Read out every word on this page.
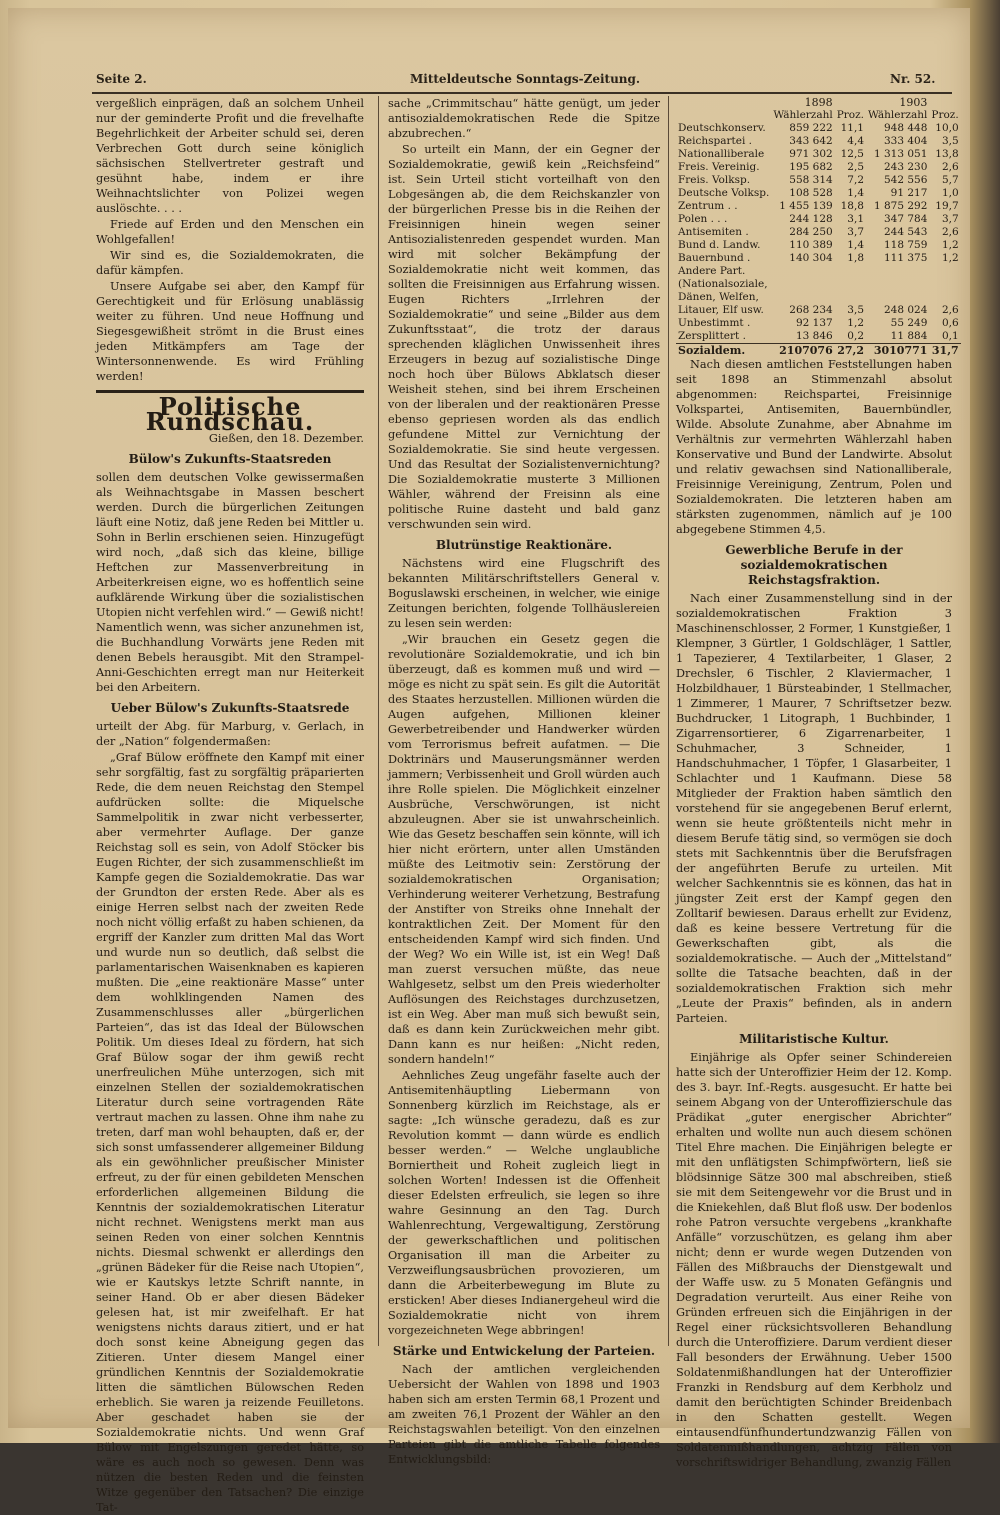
Seite 2.	Mitteldeutsche Sonntags-Zeitung.	Nr. 52.

vergeßlich einprägen, daß an solchem Unheil nur der geminderte Profit und die frevelhafte Begehrlichkeit der Arbeiter schuld sei, deren Verbrechen Gott durch seine königlich sächsischen Stellvertreter gestraft und gesühnt habe, indem er ihre Weihnachtslichter von Polizei wegen auslöschte. . . .

Friede auf Erden und den Menschen ein Wohlgefallen!

Wir sind es, die Sozialdemokraten, die dafür kämpfen.

Unsere Aufgabe sei aber, den Kampf für Gerechtigkeit und für Erlösung unablässig weiter zu führen. Und neue Hoffnung und Siegesgewißheit strömt in die Brust eines jeden Mitkämpfers am Tage der Wintersonnenwende. Es wird Frühling werden!

Politische Rundschau.
Gießen, den 18. Dezember.
Bülow's Zukunfts-Staatsreden

sollen dem deutschen Volke gewissermaßen als Weihnachtsgabe in Massen beschert werden. Durch die bürgerlichen Zeitungen läuft eine Notiz, daß jene Reden bei Mittler u. Sohn in Berlin erschienen seien. Hinzugefügt wird noch, „daß sich das kleine, billige Heftchen zur Massenverbreitung in Arbeiterkreisen eigne, wo es hoffentlich seine aufklärende Wirkung über die sozialistischen Utopien nicht verfehlen wird.“ — Gewiß nicht! Namentlich wenn, was sicher anzunehmen ist, die Buchhandlung Vorwärts jene Reden mit denen Bebels herausgibt. Mit den Strampel-Anni-Geschichten erregt man nur Heiterkeit bei den Arbeitern.

Ueber Bülow's Zukunfts-Staatsrede

urteilt der Abg. für Marburg, v. Gerlach, in der „Nation“ folgendermaßen:

„Graf Bülow eröffnete den Kampf mit einer sehr sorgfältig, fast zu sorgfältig präparierten Rede, die dem neuen Reichstag den Stempel aufdrücken sollte: die Miquelsche Sammelpolitik in zwar nicht verbesserter, aber vermehrter Auflage. Der ganze Reichstag soll es sein, von Adolf Stöcker bis Eugen Richter, der sich zusammenschließt im Kampfe gegen die Sozialdemokratie. Das war der Grundton der ersten Rede. Aber als es einige Herren selbst nach der zweiten Rede noch nicht völlig erfaßt zu haben schienen, da ergriff der Kanzler zum dritten Mal das Wort und wurde nun so deutlich, daß selbst die parlamentarischen Waisenknaben es kapieren mußten. Die „eine reaktionäre Masse“ unter dem wohlklingenden Namen des Zusammenschlusses aller „bürgerlichen Parteien“, das ist das Ideal der Bülowschen Politik. Um dieses Ideal zu fördern, hat sich Graf Bülow sogar der ihm gewiß recht unerfreulichen Mühe unterzogen, sich mit einzelnen Stellen der sozialdemokratischen Literatur durch seine vortragenden Räte vertraut machen zu lassen. Ohne ihm nahe zu treten, darf man wohl behaupten, daß er, der sich sonst umfassenderer allgemeiner Bildung als ein gewöhnlicher preußischer Minister erfreut, zu der für einen gebildeten Menschen erforderlichen allgemeinen Bildung die Kenntnis der sozialdemokratischen Literatur nicht rechnet. Wenigstens merkt man aus seinen Reden von einer solchen Kenntnis nichts. Diesmal schwenkt er allerdings den „grünen Bädeker für die Reise nach Utopien“, wie er Kautskys letzte Schrift nannte, in seiner Hand. Ob er aber diesen Bädeker gelesen hat, ist mir zweifelhaft. Er hat wenigstens nichts daraus zitiert, und er hat doch sonst keine Abneigung gegen das Zitieren. Unter diesem Mangel einer gründlichen Kenntnis der Sozialdemokratie litten die sämtlichen Bülowschen Reden erheblich. Sie waren ja reizende Feuilletons. Aber geschadet haben sie der Sozialdemokratie nichts. Und wenn Graf Bülow mit Engelszungen geredet hätte, so wäre es auch noch so gewesen. Denn was nützen die besten Reden und die feinsten Witze gegenüber den Tatsachen? Die einzige Tat-

sache „Crimmitschau“ hätte genügt, um jeder antisozialdemokratischen Rede die Spitze abzubrechen.“

So urteilt ein Mann, der ein Gegner der Sozialdemokratie, gewiß kein „Reichsfeind“ ist. Sein Urteil sticht vorteilhaft von den Lobgesängen ab, die dem Reichskanzler von der bürgerlichen Presse bis in die Reihen der Freisinnigen hinein wegen seiner Antisozialistenreden gespendet wurden. Man wird mit solcher Bekämpfung der Sozialdemokratie nicht weit kommen, das sollten die Freisinnigen aus Erfahrung wissen. Eugen Richters „Irrlehren der Sozialdemokratie“ und seine „Bilder aus dem Zukunftsstaat“, die trotz der daraus sprechenden kläglichen Unwissenheit ihres Erzeugers in bezug auf sozialistische Dinge noch hoch über Bülows Abklatsch dieser Weisheit stehen, sind bei ihrem Erscheinen von der liberalen und der reaktionären Presse ebenso gepriesen worden als das endlich gefundene Mittel zur Vernichtung der Sozialdemokratie. Sie sind heute vergessen. Und das Resultat der Sozialistenvernichtung? Die Sozialdemokratie musterte 3 Millionen Wähler, während der Freisinn als eine politische Ruine dasteht und bald ganz verschwunden sein wird.

Blutrünstige Reaktionäre.

Nächstens wird eine Flugschrift des bekannten Militärschriftstellers General v. Boguslawski erscheinen, in welcher, wie einige Zeitungen berichten, folgende Tollhäuslereien zu lesen sein werden:

„Wir brauchen ein Gesetz gegen die revolutionäre Sozialdemokratie, und ich bin überzeugt, daß es kommen muß und wird — möge es nicht zu spät sein. Es gilt die Autorität des Staates herzustellen. Millionen würden die Augen aufgehen, Millionen kleiner Gewerbetreibender und Handwerker würden vom Terrorismus befreit aufatmen. — Die Doktrinärs und Mauserungsmänner werden jammern; Verbissenheit und Groll würden auch ihre Rolle spielen. Die Möglichkeit einzelner Ausbrüche, Verschwörungen, ist nicht abzuleugnen. Aber sie ist unwahrscheinlich. Wie das Gesetz beschaffen sein könnte, will ich hier nicht erörtern, unter allen Umständen müßte des Leitmotiv sein: Zerstörung der sozialdemokratischen Organisation; Verhinderung weiterer Verhetzung, Bestrafung der Anstifter von Streiks ohne Innehalt der kontraktlichen Zeit. Der Moment für den entscheidenden Kampf wird sich finden. Und der Weg? Wo ein Wille ist, ist ein Weg! Daß man zuerst versuchen müßte, das neue Wahlgesetz, selbst um den Preis wiederholter Auflösungen des Reichstages durchzusetzen, ist ein Weg. Aber man muß sich bewußt sein, daß es dann kein Zurückweichen mehr gibt. Dann kann es nur heißen: „Nicht reden, sondern handeln!“

Aehnliches Zeug ungefähr faselte auch der Antisemitenhäuptling Liebermann von Sonnenberg kürzlich im Reichstage, als er sagte: „Ich wünsche geradezu, daß es zur Revolution kommt — dann würde es endlich besser werden.“ — Welche unglaubliche Borniertheit und Roheit zugleich liegt in solchen Worten! Indessen ist die Offenheit dieser Edelsten erfreulich, sie legen so ihre wahre Gesinnung an den Tag. Durch Wahlenrechtung, Vergewaltigung, Zerstörung der gewerkschaftlichen und politischen Organisation ill man die Arbeiter zu Verzweiflungsausbrüchen provozieren, um dann die Arbeiterbewegung im Blute zu ersticken! Aber dieses Indianergeheul wird die Sozialdemokratie nicht von ihrem vorgezeichneten Wege abbringen!

Stärke und Entwickelung der Parteien.

Nach der amtlichen vergleichenden Uebersicht der Wahlen von 1898 und 1903 haben sich am ersten Termin 68,1 Prozent und am zweiten 76,1 Prozent der Wähler an den Reichstagswahlen beteiligt. Von den einzelnen Parteien gibt die amtliche Tabelle folgendes Entwicklungsbild:

	1898		1903	
	Wählerzahl	Proz.	Wählerzahl	Proz.
Deutschkonserv.	859 222	11,1	948 448	10,0
Reichspartei .	343 642	4,4	333 404	3,5
Nationalliberale	971 302	12,5	1 313 051	13,8
Freis. Vereinig.	195 682	2,5	243 230	2,6
Freis. Volksp.	558 314	7,2	542 556	5,7
Deutsche Volksp.	108 528	1,4	91 217	1,0
Zentrum . .	1 455 139	18,8	1 875 292	19,7
Polen . . .	244 128	3,1	347 784	3,7
Antisemiten .	284 250	3,7	244 543	2,6
Bund d. Landw.	110 389	1,4	118 759	1,2
Bauernbund .	140 304	1,8	111 375	1,2
Andere Part.				
(Nationalsoziale,				
Dänen, Welfen,				
Litauer, Elf usw.	268 234	3,5	248 024	2,6
Unbestimmt .	92 137	1,2	55 249	0,6
Zersplittert .	13 846	0,2	11 884	0,1
Sozialdem.	2107076	27,2	3010771	31,7

Nach diesen amtlichen Feststellungen haben seit 1898 an Stimmenzahl absolut abgenommen: Reichspartei, Freisinnige Volkspartei, Antisemiten, Bauernbündler, Wilde. Absolute Zunahme, aber Abnahme im Verhältnis zur vermehrten Wählerzahl haben Konservative und Bund der Landwirte. Absolut und relativ gewachsen sind Nationalliberale, Freisinnige Vereinigung, Zentrum, Polen und Sozialdemokraten. Die letzteren haben am stärksten zugenommen, nämlich auf je 100 abgegebene Stimmen 4,5.

Gewerbliche Berufe in der sozialdemokratischen Reichstagsfraktion.

Nach einer Zusammenstellung sind in der sozialdemokratischen Fraktion 3 Maschinenschlosser, 2 Former, 1 Kunstgießer, 1 Klempner, 3 Gürtler, 1 Goldschläger, 1 Sattler, 1 Tapezierer, 4 Textilarbeiter, 1 Glaser, 2 Drechsler, 6 Tischler, 2 Klaviermacher, 1 Holzbildhauer, 1 Bürsteabinder, 1 Stellmacher, 1 Zimmerer, 1 Maurer, 7 Schriftsetzer bezw. Buchdrucker, 1 Litograph, 1 Buchbinder, 1 Zigarrensortierer, 6 Zigarrenarbeiter, 1 Schuhmacher, 3 Schneider, 1 Handschuhmacher, 1 Töpfer, 1 Glasarbeiter, 1 Schlachter und 1 Kaufmann. Diese 58 Mitglieder der Fraktion haben sämtlich den vorstehend für sie angegebenen Beruf erlernt, wenn sie heute größtenteils nicht mehr in diesem Berufe tätig sind, so vermögen sie doch stets mit Sachkenntnis über die Berufsfragen der angeführten Berufe zu urteilen. Mit welcher Sachkenntnis sie es können, das hat in jüngster Zeit erst der Kampf gegen den Zolltarif bewiesen. Daraus erhellt zur Evidenz, daß es keine bessere Vertretung für die Gewerkschaften gibt, als die sozialdemokratische. — Auch der „Mittelstand“ sollte die Tatsache beachten, daß in der sozialdemokratischen Fraktion sich mehr „Leute der Praxis“ befinden, als in andern Parteien.

Militaristische Kultur.

Einjährige als Opfer seiner Schindereien hatte sich der Unteroffizier Heim der 12. Komp. des 3. bayr. Inf.-Regts. ausgesucht. Er hatte bei seinem Abgang von der Unteroffizierschule das Prädikat „guter energischer Abrichter“ erhalten und wollte nun auch diesem schönen Titel Ehre machen. Die Einjährigen belegte er mit den unflätigsten Schimpfwörtern, ließ sie blödsinnige Sätze 300 mal abschreiben, stieß sie mit dem Seitengewehr vor die Brust und in die Kniekehlen, daß Blut floß usw. Der bodenlos rohe Patron versuchte vergebens „krankhafte Anfälle“ vorzuschützen, es gelang ihm aber nicht; denn er wurde wegen Dutzenden von Fällen des Mißbrauchs der Dienstgewalt und der Waffe usw. zu 5 Monaten Gefängnis und Degradation verurteilt. Aus einer Reihe von Gründen erfreuen sich die Einjährigen in der Regel einer rücksichtsvolleren Behandlung durch die Unteroffiziere. Darum verdient dieser Fall besonders der Erwähnung. Ueber 1500 Soldatenmißhandlungen hat der Unteroffizier Franzki in Rendsburg auf dem Kerbholz und damit den berüchtigten Schinder Breidenbach in den Schatten gestellt. Wegen eintausendfünfhundertundzwanzig Fällen von Soldatenmißhandlungen, achtzig Fällen von vorschriftswidriger Behandlung, zwanzig Fällen
